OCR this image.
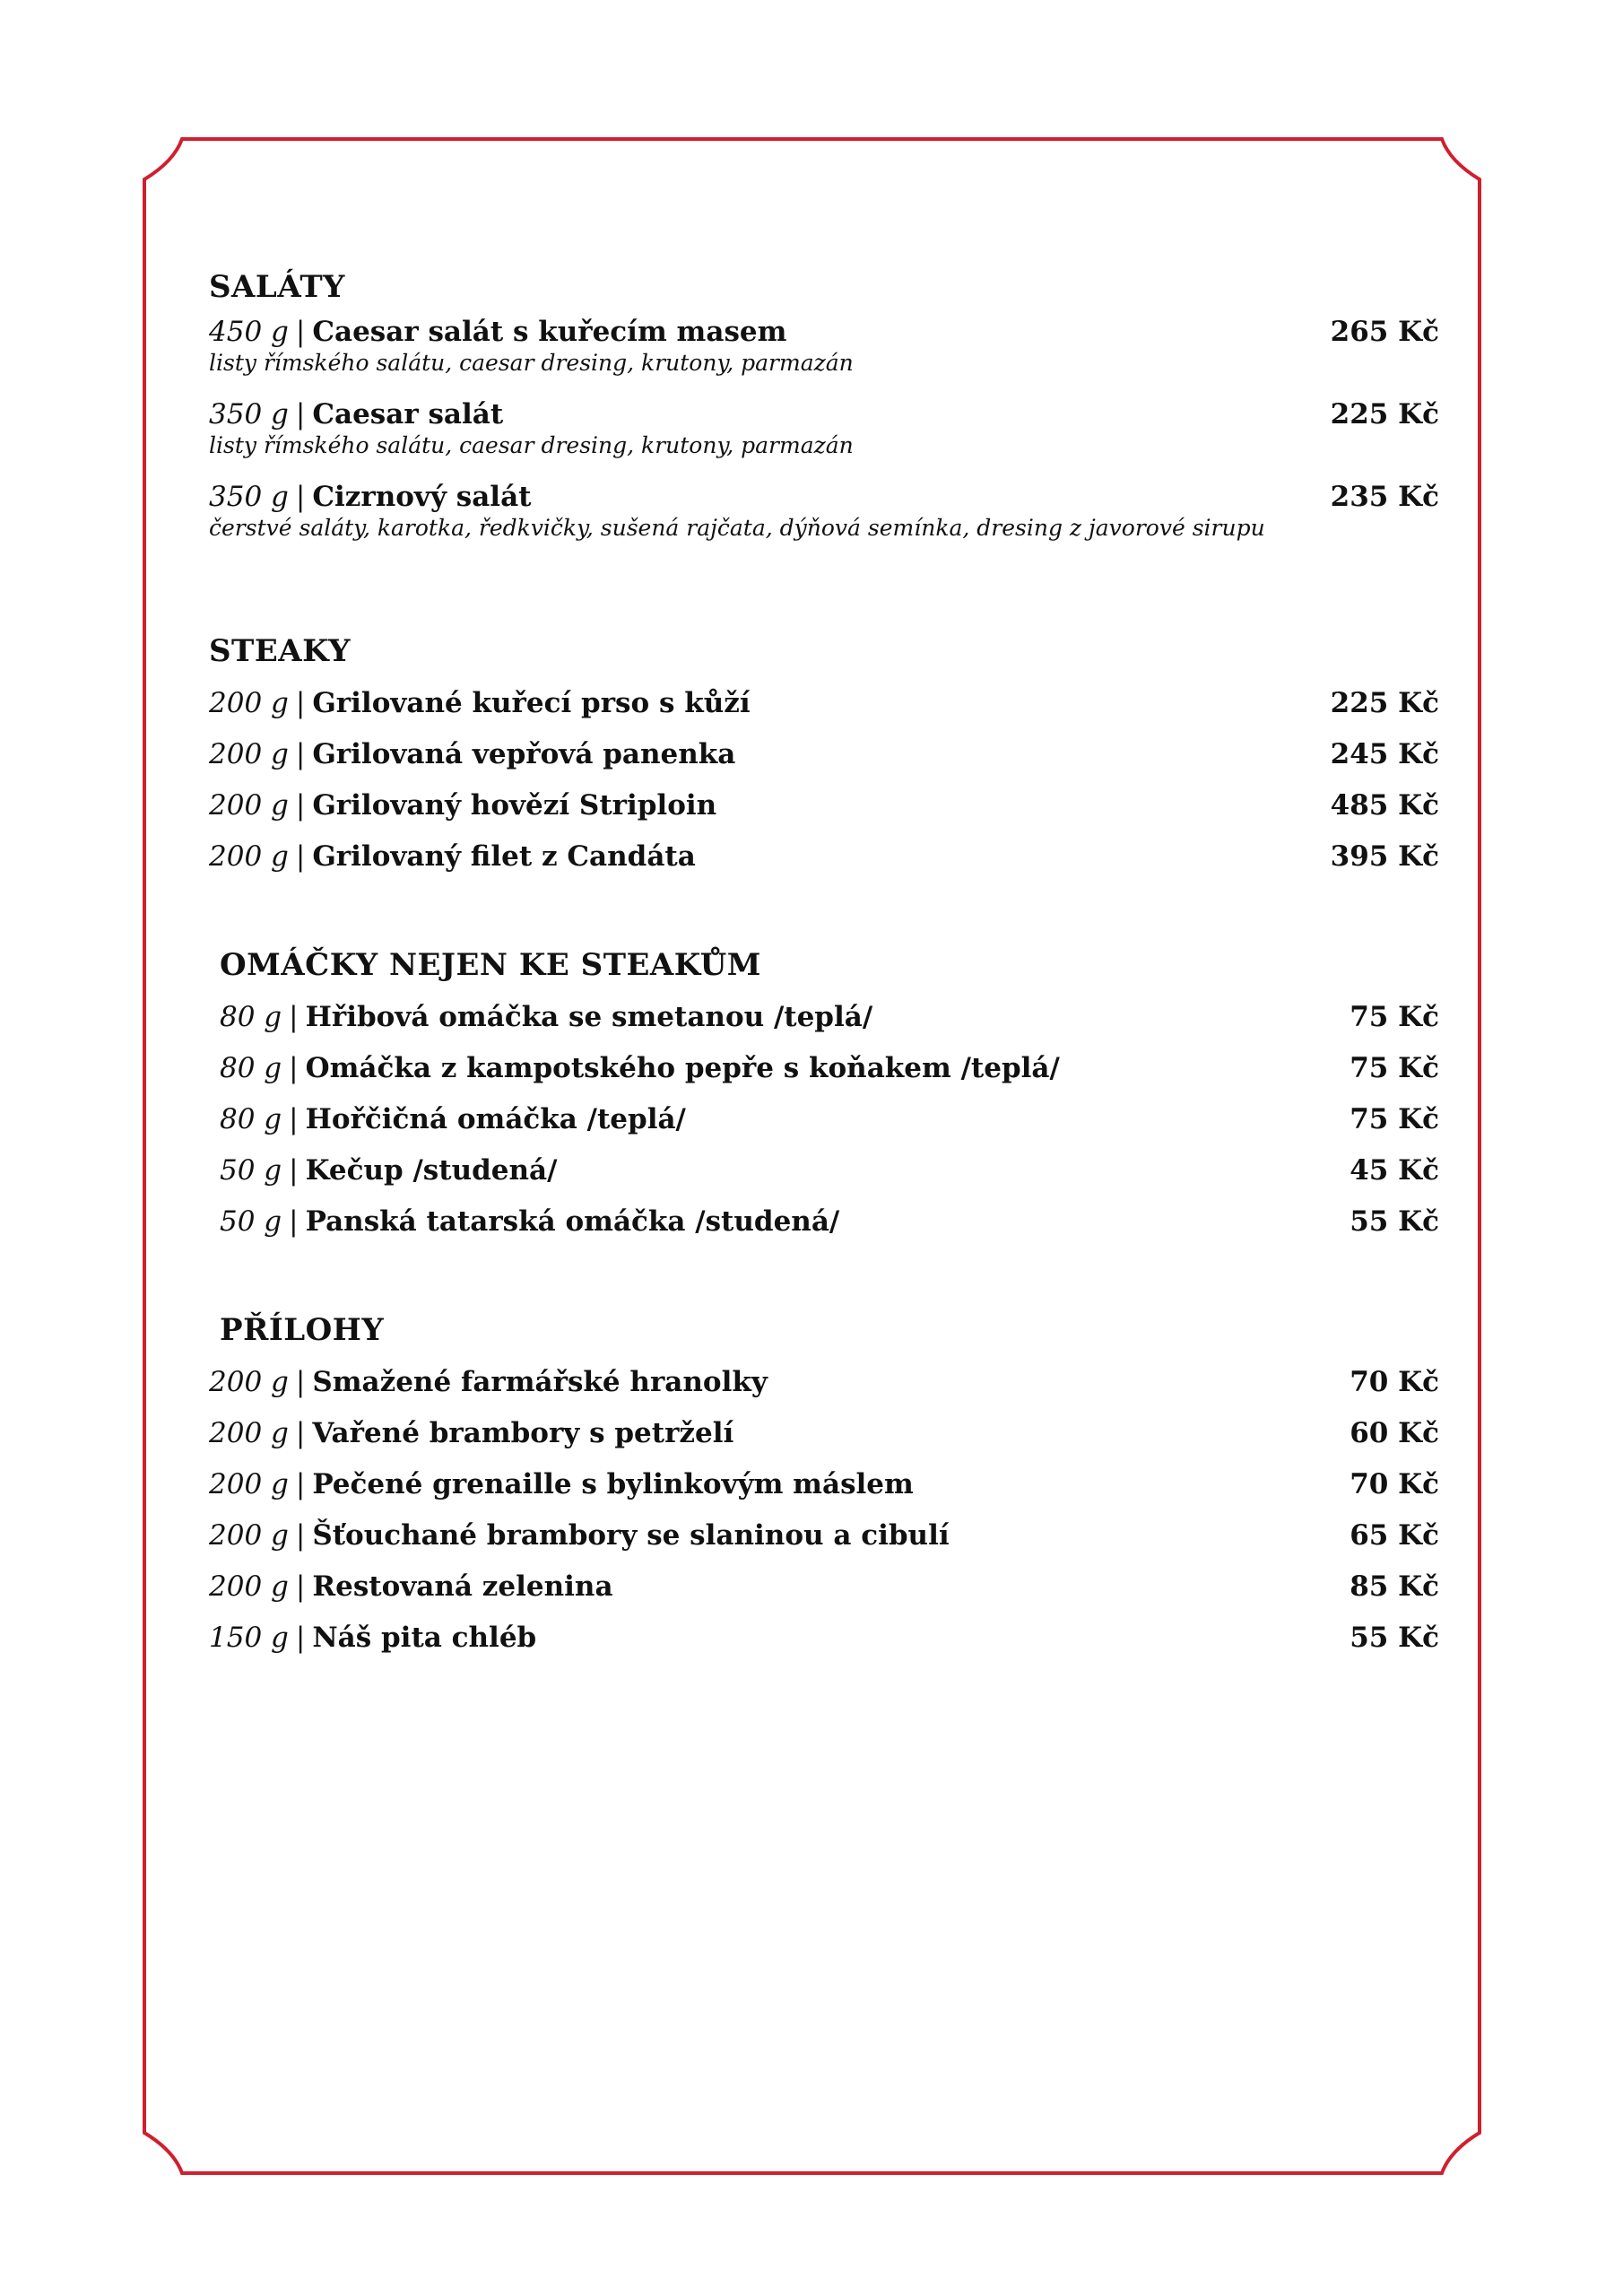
SALÁTY
450 g | Caesar salát s kuřecím masem	265 Kč
listy římského salátu, caesar dresing, krutony, parmazán
350 g | Caesar salát	225 Kč
listy římského salátu, caesar dresing, krutony, parmazán
350 g | Cizrnový salát	235 Kč
čerstvé saláty, karotka, ředkvičky, sušená rajčata, dýňová semínka, dresing z javorové sirupu
STEAKY
200 g | Grilované kuřecí prso s kůží	225 Kč
200 g | Grilovaná vepřová panenka	245 Kč
200 g | Grilovaný hovězí Striploin	485 Kč
200 g | Grilovaný filet z Candáta	395 Kč
OMÁČKY NEJEN KE STEAKŮM
80 g | Hřibová omáčka se smetanou /teplá/	75 Kč
80 g | Omáčka z kampotského pepře s koňakem /teplá/	75 Kč
80 g | Hořčičná omáčka /teplá/	75 Kč
50 g | Kečup /studená/	45 Kč
50 g | Panská tatarská omáčka /studená/	55 Kč
PŘÍLOHY
200 g | Smažené farmářské hranolky	70 Kč
200 g | Vařené brambory s petrželí	60 Kč
200 g | Pečené grenaille s bylinkovým máslem	70 Kč
200 g | Šťouchané brambory se slaninou a cibulí	65 Kč
200 g | Restovaná zelenina	85 Kč
150 g | Náš pita chléb	55 Kč
